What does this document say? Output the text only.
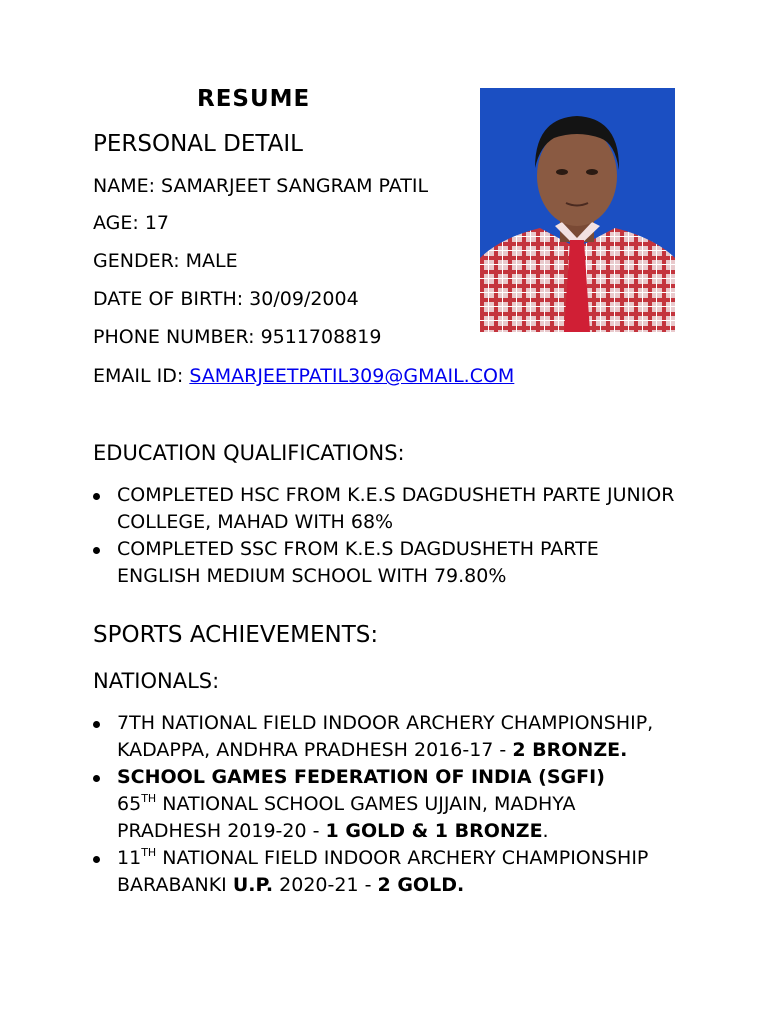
RESUME

PERSONAL DETAIL

NAME: SAMARJEET SANGRAM PATIL

AGE: 17

GENDER: MALE

DATE OF BIRTH: 30/09/2004

PHONE NUMBER: 9511708819

EMAIL ID: SAMARJEETPATIL309@GMAIL.COM

EDUCATION QUALIFICATIONS:

COMPLETED HSC FROM K.E.S DAGDUSHETH PARTE JUNIOR COLLEGE, MAHAD WITH 68%
COMPLETED SSC FROM K.E.S DAGDUSHETH PARTE ENGLISH MEDIUM SCHOOL WITH 79.80%

SPORTS ACHIEVEMENTS:

NATIONALS:

7TH NATIONAL FIELD INDOOR ARCHERY CHAMPIONSHIP, KADAPPA, ANDHRA PRADHESH 2016-17 - 2 BRONZE.
SCHOOL GAMES FEDERATION OF INDIA (SGFI)
65TH NATIONAL SCHOOL GAMES UJJAIN, MADHYA PRADHESH 2019-20 - 1 GOLD & 1 BRONZE.
11TH NATIONAL FIELD INDOOR ARCHERY CHAMPIONSHIP BARABANKI U.P. 2020-21 - 2 GOLD.
